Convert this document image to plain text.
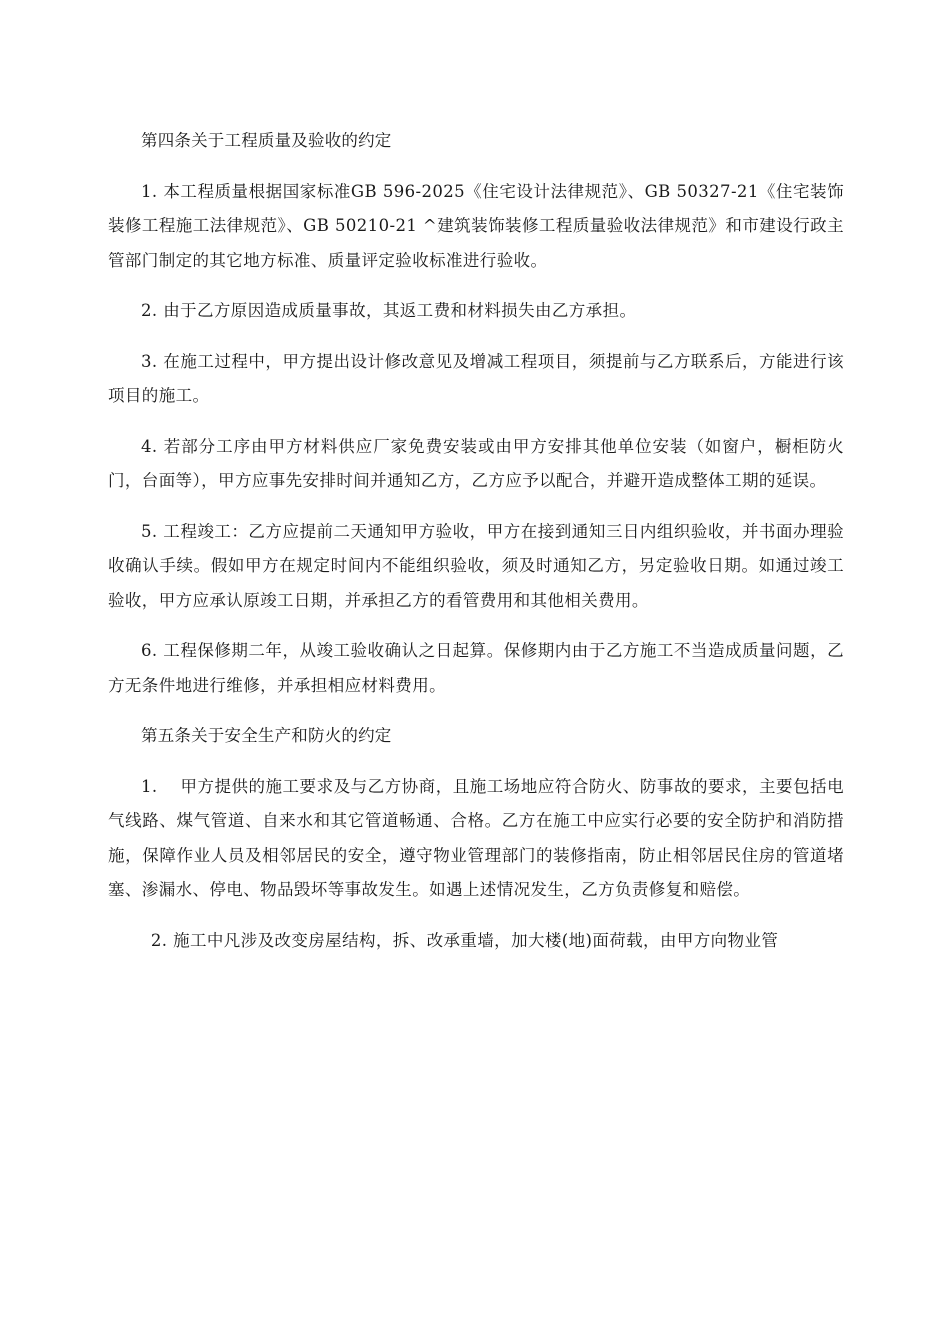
第四条关于工程质量及验收的约定

1. 本工程质量根据国家标准GB 596-2025《住宅设计法律规范》、GB 50327-21《住宅装饰装修工程施工法律规范》、GB 50210-21 ^建筑装饰装修工程质量验收法律规范》和市建设行政主管部门制定的其它地方标准、质量评定验收标准进行验收。

2. 由于乙方原因造成质量事故，其返工费和材料损失由乙方承担。

3. 在施工过程中，甲方提出设计修改意见及增减工程项目，须提前与乙方联系后，方能进行该项目的施工。

4. 若部分工序由甲方材料供应厂家免费安装或由甲方安排其他单位安装（如窗户，橱柜防火门，台面等），甲方应事先安排时间并通知乙方，乙方应予以配合，并避开造成整体工期的延误。

5. 工程竣工：乙方应提前二天通知甲方验收，甲方在接到通知三日内组织验收，并书面办理验收确认手续。假如甲方在规定时间内不能组织验收，须及时通知乙方，另定验收日期。如通过竣工验收，甲方应承认原竣工日期，并承担乙方的看管费用和其他相关费用。

6. 工程保修期二年，从竣工验收确认之日起算。保修期内由于乙方施工不当造成质量问题，乙方无条件地进行维修，并承担相应材料费用。

第五条关于安全生产和防火的约定

1.　 甲方提供的施工要求及与乙方协商，且施工场地应符合防火、防事故的要求，主要包括电气线路、煤气管道、自来水和其它管道畅通、合格。乙方在施工中应实行必要的安全防护和消防措施，保障作业人员及相邻居民的安全，遵守物业管理部门的装修指南，防止相邻居民住房的管道堵塞、渗漏水、停电、物品毁坏等事故发生。如遇上述情况发生，乙方负责修复和赔偿。

2. 施工中凡涉及改变房屋结构，拆、改承重墙，加大楼(地)面荷载，由甲方向物业管
